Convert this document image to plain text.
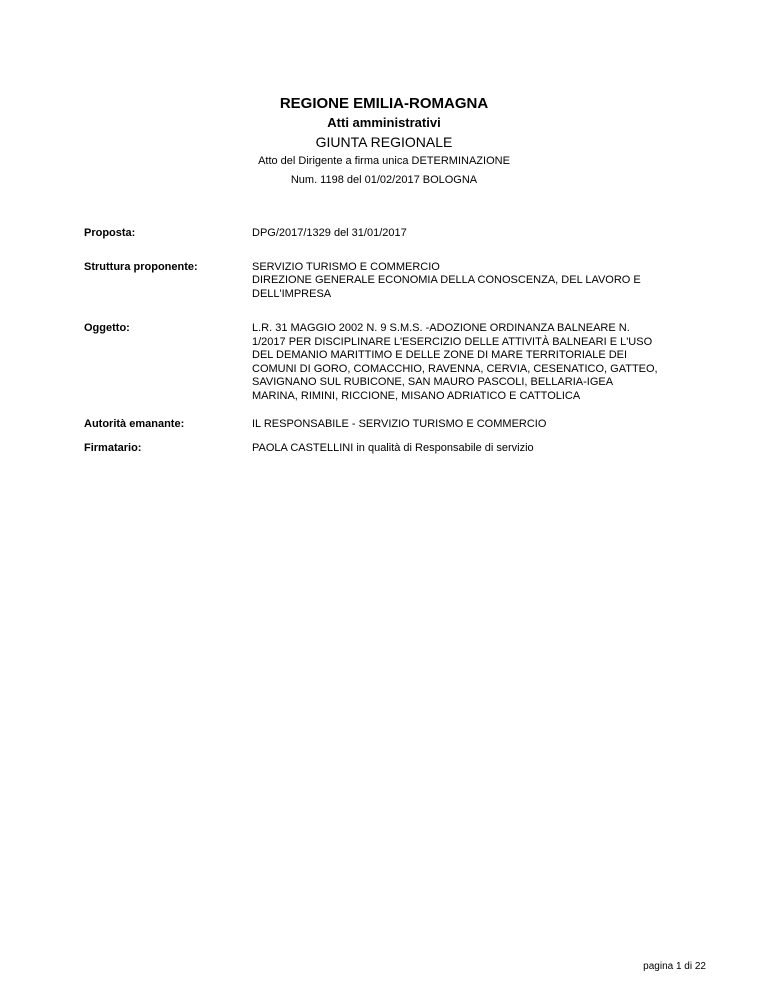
REGIONE EMILIA-ROMAGNA
Atti amministrativi
GIUNTA REGIONALE
Atto del Dirigente a firma unica DETERMINAZIONE
Num. 1198 del 01/02/2017 BOLOGNA
Proposta:	DPG/2017/1329 del 31/01/2017
Struttura proponente:	SERVIZIO TURISMO E COMMERCIO
DIREZIONE GENERALE ECONOMIA DELLA CONOSCENZA, DEL LAVORO E
DELL'IMPRESA
Oggetto:	L.R. 31 MAGGIO 2002 N. 9 S.M.S. -ADOZIONE ORDINANZA BALNEARE N.
1/2017 PER DISCIPLINARE L'ESERCIZIO DELLE ATTIVITÀ BALNEARI E L'USO
DEL DEMANIO MARITTIMO E DELLE ZONE DI MARE TERRITORIALE DEI
COMUNI DI GORO, COMACCHIO, RAVENNA, CERVIA, CESENATICO, GATTEO,
SAVIGNANO SUL RUBICONE, SAN MAURO PASCOLI, BELLARIA-IGEA
MARINA, RIMINI, RICCIONE, MISANO ADRIATICO E CATTOLICA
Autorità emanante:	IL RESPONSABILE - SERVIZIO TURISMO E COMMERCIO
Firmatario:	PAOLA CASTELLINI in qualità di Responsabile di servizio
pagina 1 di 22
